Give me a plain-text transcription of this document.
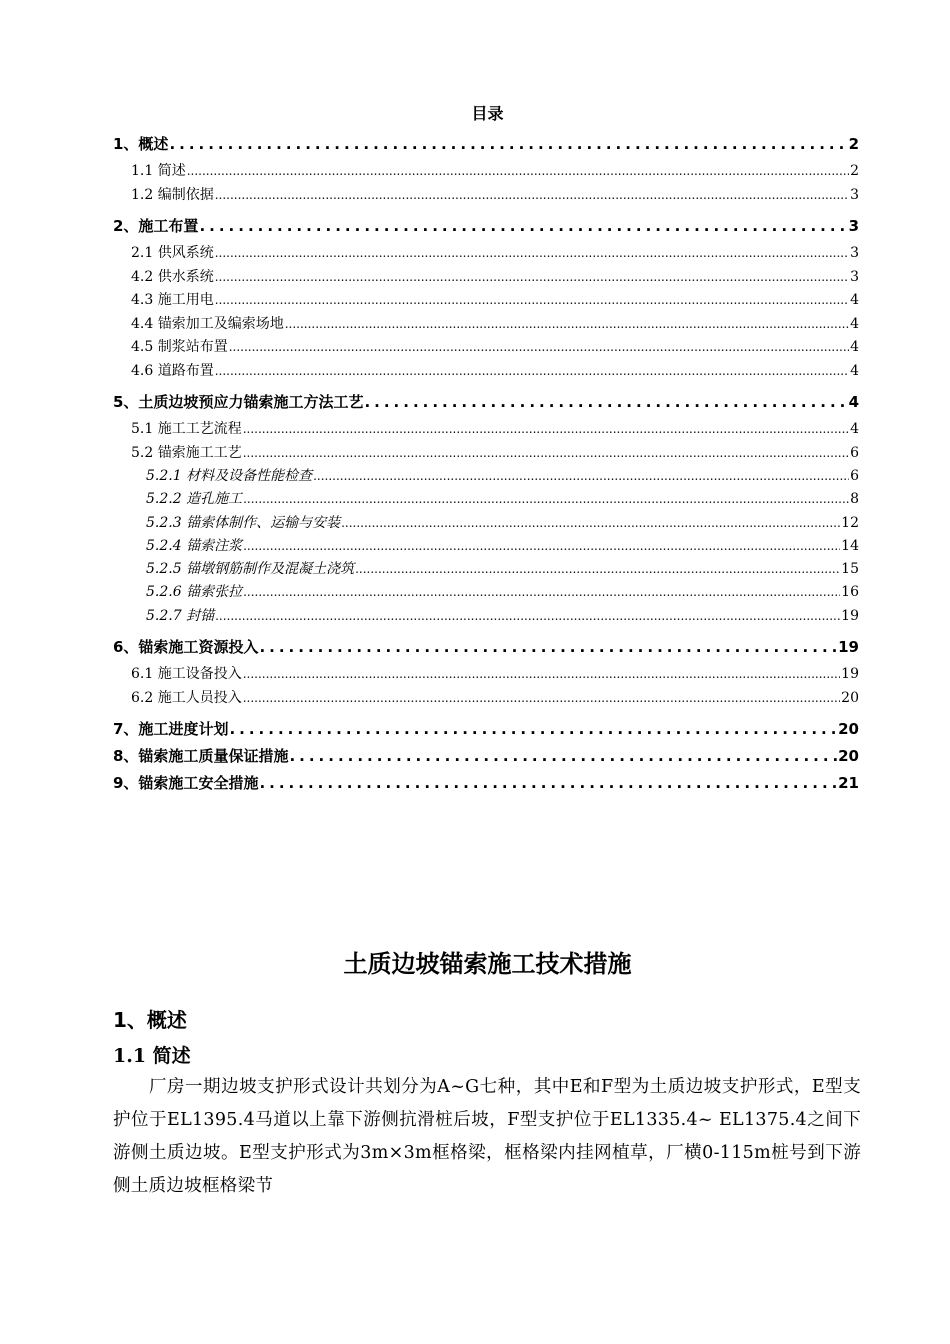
目录
1、概述 .....	2
1.1 简述 .....	2
1.2 编制依据 .....	3
2、施工布置 .....	3
2.1 供风系统 .....	3
4.2 供水系统 .....	3
4.3 施工用电 .....	4
4.4 锚索加工及编索场地 .....	4
4.5 制浆站布置 .....	4
4.6 道路布置 .....	4
5、土质边坡预应力锚索施工方法工艺 .....	4
5.1 施工工艺流程 .....	4
5.2 锚索施工工艺 .....	6
5.2.1 材料及设备性能检查 .....	6
5.2.2 造孔施工 .....	8
5.2.3 锚索体制作、运输与安装 .....	12
5.2.4 锚索注浆 .....	14
5.2.5 锚墩钢筋制作及混凝土浇筑 .....	15
5.2.6 锚索张拉 .....	16
5.2.7 封锚 .....	19
6、锚索施工资源投入 .....	19
6.1 施工设备投入 .....	19
6.2 施工人员投入 .....	20
7、施工进度计划 .....	20
8、锚索施工质量保证措施 .....	20
9、锚索施工安全措施 .....	21
土质边坡锚索施工技术措施
1、概述
1.1 简述
厂房一期边坡支护形式设计共划分为A~G七种，其中E和F型为土质边坡支护形式，E型支护位于EL1395.4马道以上靠下游侧抗滑桩后坡，F型支护位于EL1335.4~ EL1375.4之间下游侧土质边坡。E型支护形式为3m×3m框格梁，框格梁内挂网植草，厂横0-115m桩号到下游侧土质边坡框格梁节
